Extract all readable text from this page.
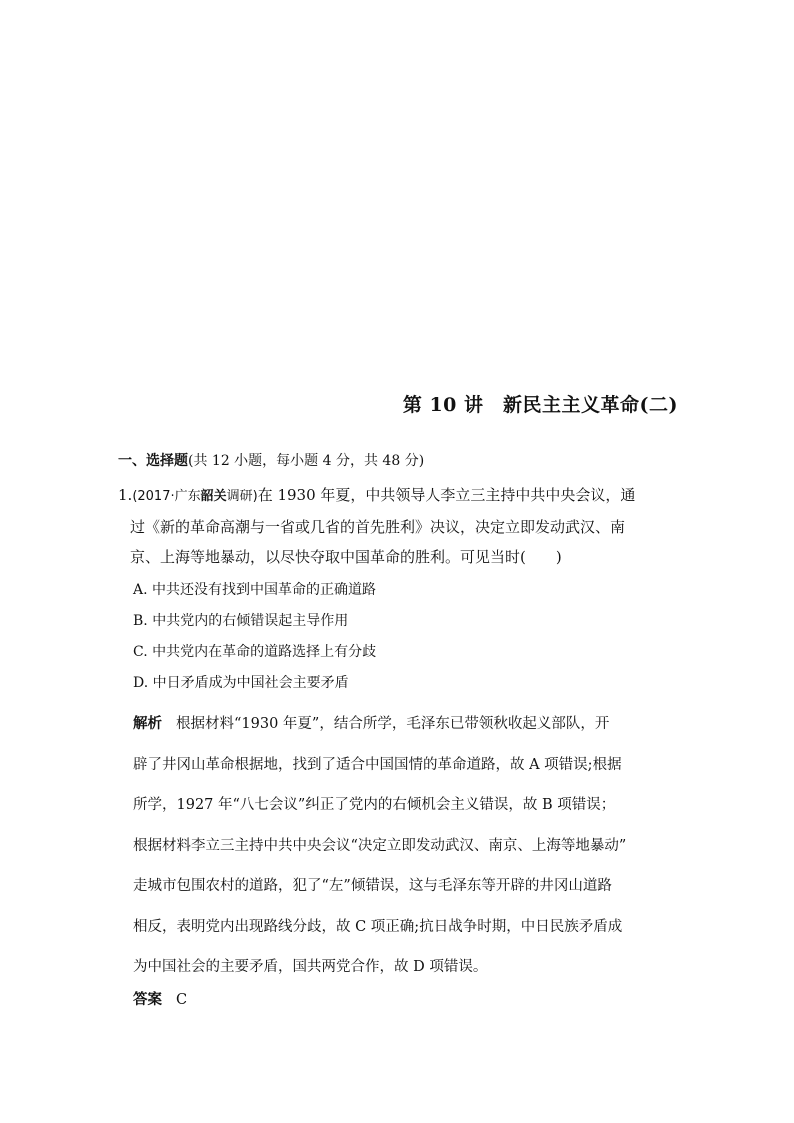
第 10 讲　新民主主义革命(二)
一、选择题(共 12 小题，每小题 4 分，共 48 分)
1.(2017·广东韶关调研)在 1930 年夏，中共领导人李立三主持中共中央会议，通
过《新的革命高潮与一省或几省的首先胜利》决议，决定立即发动武汉、南
京、上海等地暴动，以尽快夺取中国革命的胜利。可见当时(　　)
A. 中共还没有找到中国革命的正确道路
B. 中共党内的右倾错误起主导作用
C. 中共党内在革命的道路选择上有分歧
D. 中日矛盾成为中国社会主要矛盾
解析 根据材料“1930 年夏”，结合所学，毛泽东已带领秋收起义部队，开
辟了井冈山革命根据地，找到了适合中国国情的革命道路，故 A 项错误;根据
所学，1927 年“八七会议”纠正了党内的右倾机会主义错误，故 B 项错误；
根据材料李立三主持中共中央会议“决定立即发动武汉、南京、上海等地暴动”
走城市包围农村的道路，犯了“左”倾错误，这与毛泽东等开辟的井冈山道路
相反，表明党内出现路线分歧，故 C 项正确;抗日战争时期，中日民族矛盾成
为中国社会的主要矛盾，国共两党合作，故 D 项错误。
答案 C
